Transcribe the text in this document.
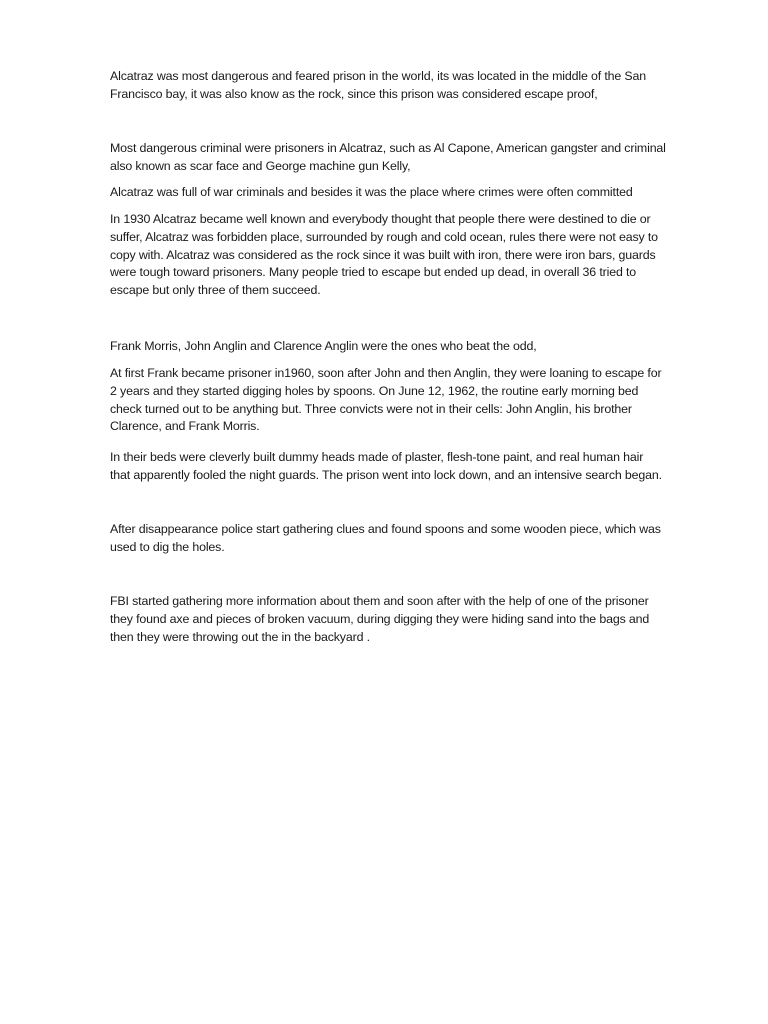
Alcatraz was most dangerous and feared prison in the world, its was located in the middle of the San
Francisco bay, it was also know as the rock, since this prison was considered escape proof,

Most dangerous criminal were prisoners in Alcatraz, such as Al Capone, American gangster and criminal
also known as scar face and George machine gun Kelly,

Alcatraz was full of war criminals and besides it was the place where crimes were often committed

In 1930 Alcatraz became well known and everybody thought that people there were destined to die or
suffer, Alcatraz was forbidden place, surrounded by rough and cold ocean, rules there were not easy to
copy with. Alcatraz was considered as the rock since it was built with iron, there were iron bars, guards
were tough toward prisoners. Many people tried to escape but ended up dead, in overall 36 tried to
escape but only three of them succeed.

Frank Morris, John Anglin and Clarence Anglin were the ones who beat the odd,

At first Frank became prisoner in1960, soon after John and then Anglin, they were loaning to escape for
2 years and they started digging holes by spoons. On June 12, 1962, the routine early morning bed
check turned out to be anything but. Three convicts were not in their cells: John Anglin, his brother
Clarence, and Frank Morris.

In their beds were cleverly built dummy heads made of plaster, flesh-tone paint, and real human hair
that apparently fooled the night guards. The prison went into lock down, and an intensive search began.

After disappearance police start gathering clues and found spoons and some wooden piece, which was
used to dig the holes.

FBI started gathering more information about them and soon after with the help of one of the prisoner
they found axe and pieces of broken vacuum, during digging they were hiding sand into the bags and
then they were throwing out the in the backyard .
